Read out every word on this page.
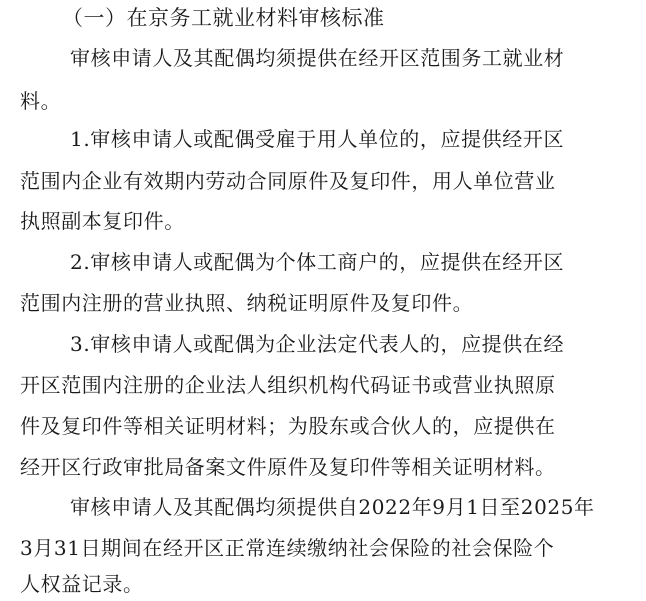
（一）在京务工就业材料审核标准
审核申请人及其配偶均须提供在经开区范围务工就业材
料。
1.审核申请人或配偶受雇于用人单位的，应提供经开区
范围内企业有效期内劳动合同原件及复印件，用人单位营业
执照副本复印件。
2.审核申请人或配偶为个体工商户的，应提供在经开区
范围内注册的营业执照、纳税证明原件及复印件。
3.审核申请人或配偶为企业法定代表人的，应提供在经
开区范围内注册的企业法人组织机构代码证书或营业执照原
件及复印件等相关证明材料；为股东或合伙人的，应提供在
经开区行政审批局备案文件原件及复印件等相关证明材料。
审核申请人及其配偶均须提供自2022年9月1日至2025年
3月31日期间在经开区正常连续缴纳社会保险的社会保险个
人权益记录。
